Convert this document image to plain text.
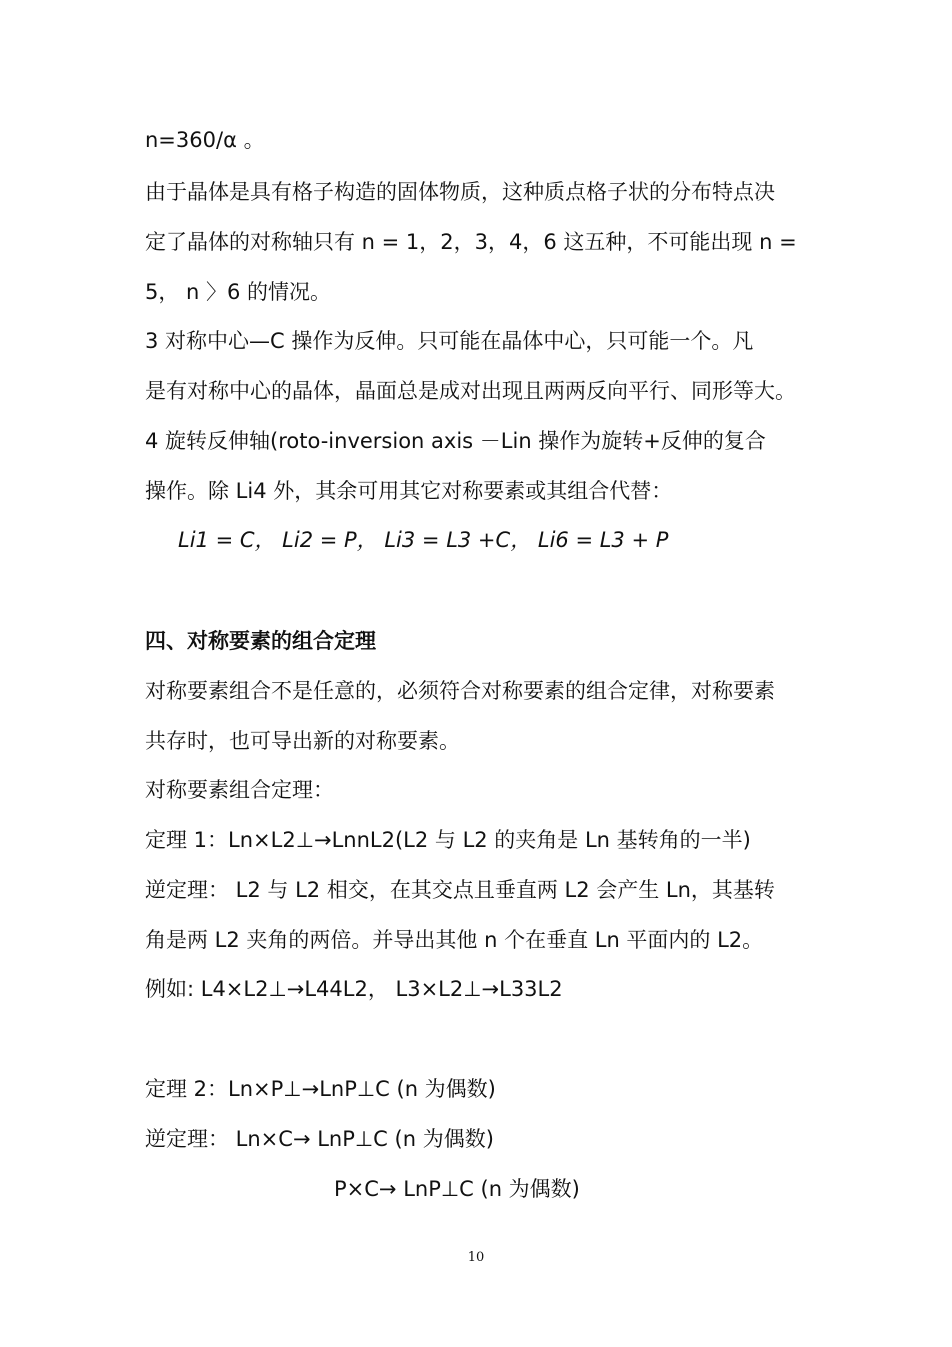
n=360/α 。
由于晶体是具有格子构造的固体物质，这种质点格子状的分布特点决
定了晶体的对称轴只有 n = 1，2，3，4，6 这五种，不可能出现 n =
5， n 〉6 的情况。
3 对称中心—C 操作为反伸。只可能在晶体中心，只可能一个。凡
是有对称中心的晶体，晶面总是成对出现且两两反向平行、同形等大。
4 旋转反伸轴(roto-inversion axis －Lin 操作为旋转+反伸的复合
操作。除 Li4 外，其余可用其它对称要素或其组合代替：
Li1 = C， Li2 = P， Li3 = L3 +C， Li6 = L3 + P
四、对称要素的组合定理
对称要素组合不是任意的，必须符合对称要素的组合定律，对称要素
共存时，也可导出新的对称要素。
对称要素组合定理：
定理 1：Ln×L2⊥→LnnL2(L2 与 L2 的夹角是 Ln 基转角的一半)
逆定理： L2 与 L2 相交，在其交点且垂直两 L2 会产生 Ln，其基转
角是两 L2 夹角的两倍。并导出其他 n 个在垂直 Ln 平面内的 L2。
例如: L4×L2⊥→L44L2， L3×L2⊥→L33L2
定理 2：Ln×P⊥→LnP⊥C (n 为偶数)
逆定理： Ln×C→ LnP⊥C (n 为偶数)
P×C→ LnP⊥C (n 为偶数)
10
